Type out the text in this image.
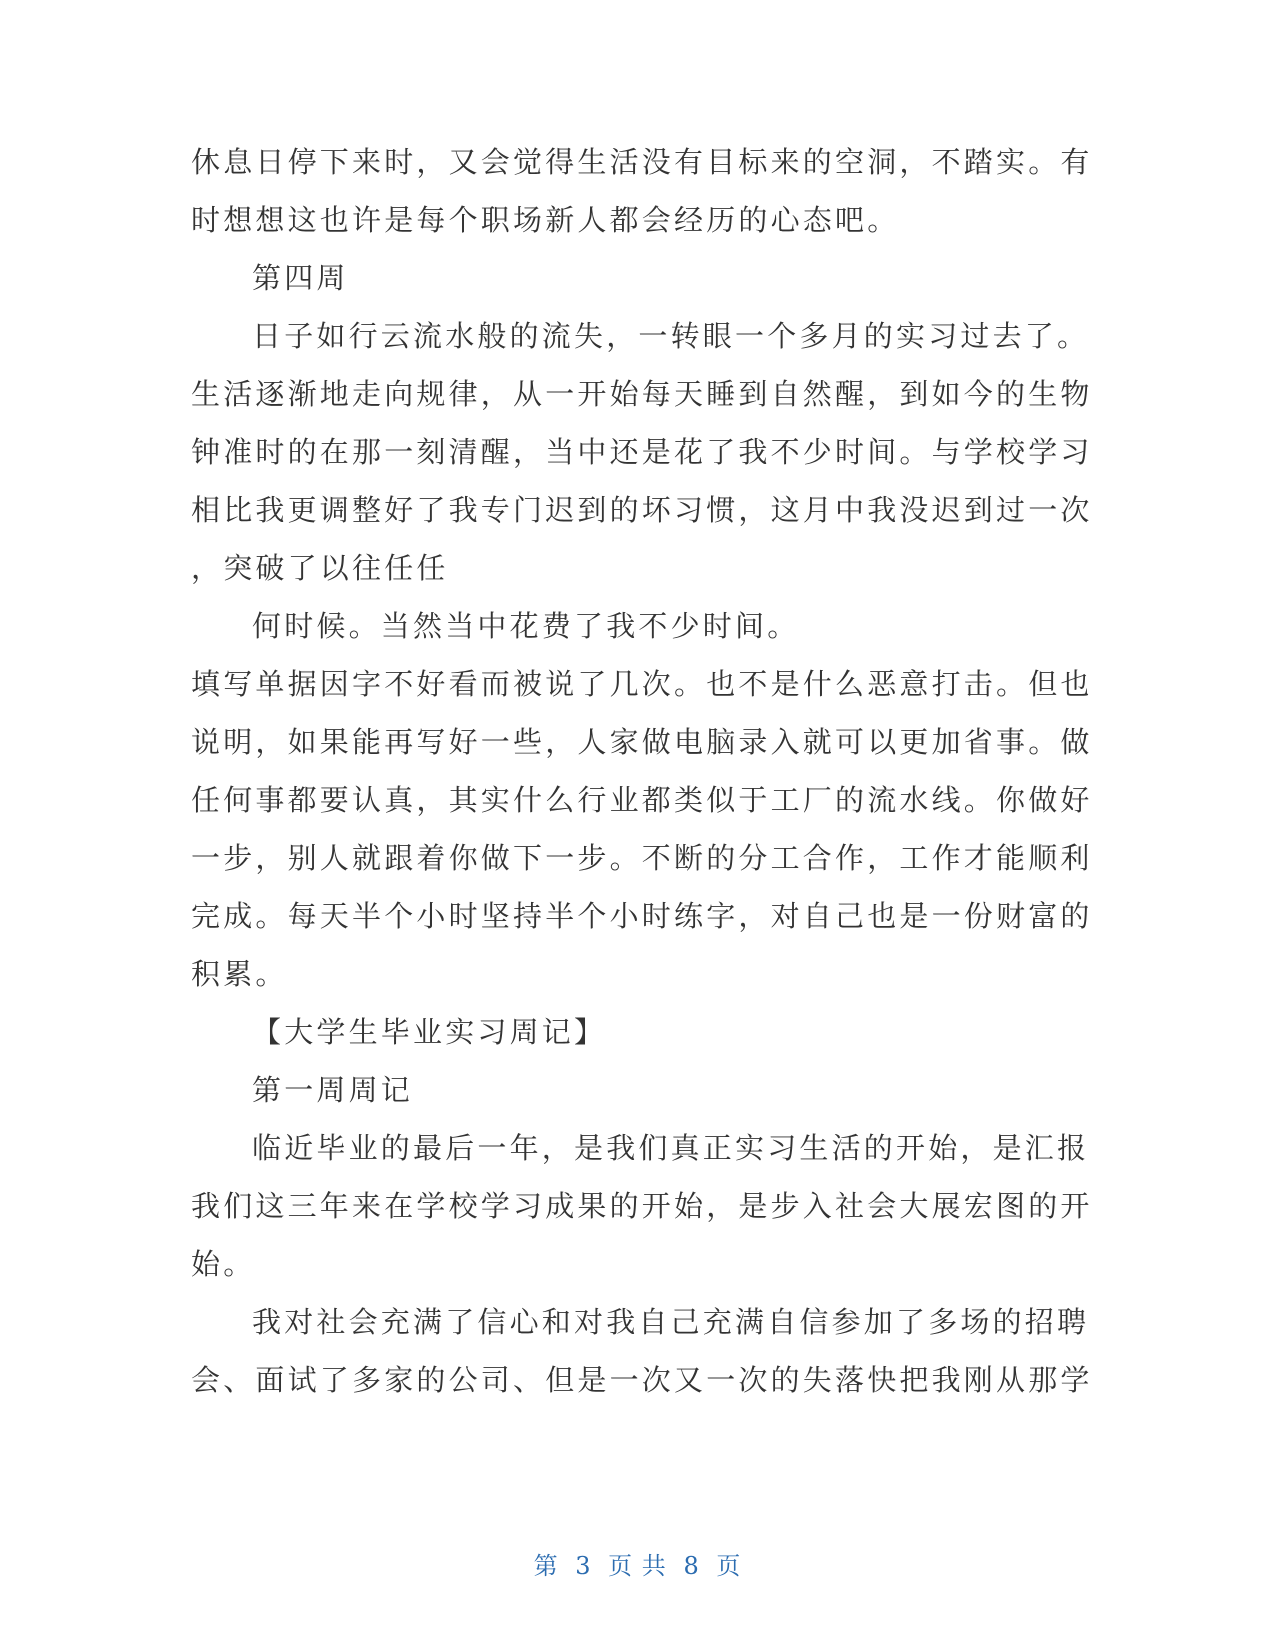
休息日停下来时，又会觉得生活没有目标来的空洞，不踏实。有
时想想这也许是每个职场新人都会经历的心态吧。
第四周
日子如行云流水般的流失，一转眼一个多月的实习过去了。
生活逐渐地走向规律，从一开始每天睡到自然醒，到如今的生物
钟准时的在那一刻清醒，当中还是花了我不少时间。与学校学习
相比我更调整好了我专门迟到的坏习惯，这月中我没迟到过一次
，突破了以往任任
何时候。当然当中花费了我不少时间。
填写单据因字不好看而被说了几次。也不是什么恶意打击。但也
说明，如果能再写好一些，人家做电脑录入就可以更加省事。做
任何事都要认真，其实什么行业都类似于工厂的流水线。你做好
一步，别人就跟着你做下一步。不断的分工合作，工作才能顺利
完成。每天半个小时坚持半个小时练字，对自己也是一份财富的
积累。
【大学生毕业实习周记】
第一周周记
临近毕业的最后一年，是我们真正实习生活的开始，是汇报
我们这三年来在学校学习成果的开始，是步入社会大展宏图的开
始。
我对社会充满了信心和对我自己充满自信参加了多场的招聘
会、面试了多家的公司、但是一次又一次的失落快把我刚从那学
第 3 页 共 8 页
